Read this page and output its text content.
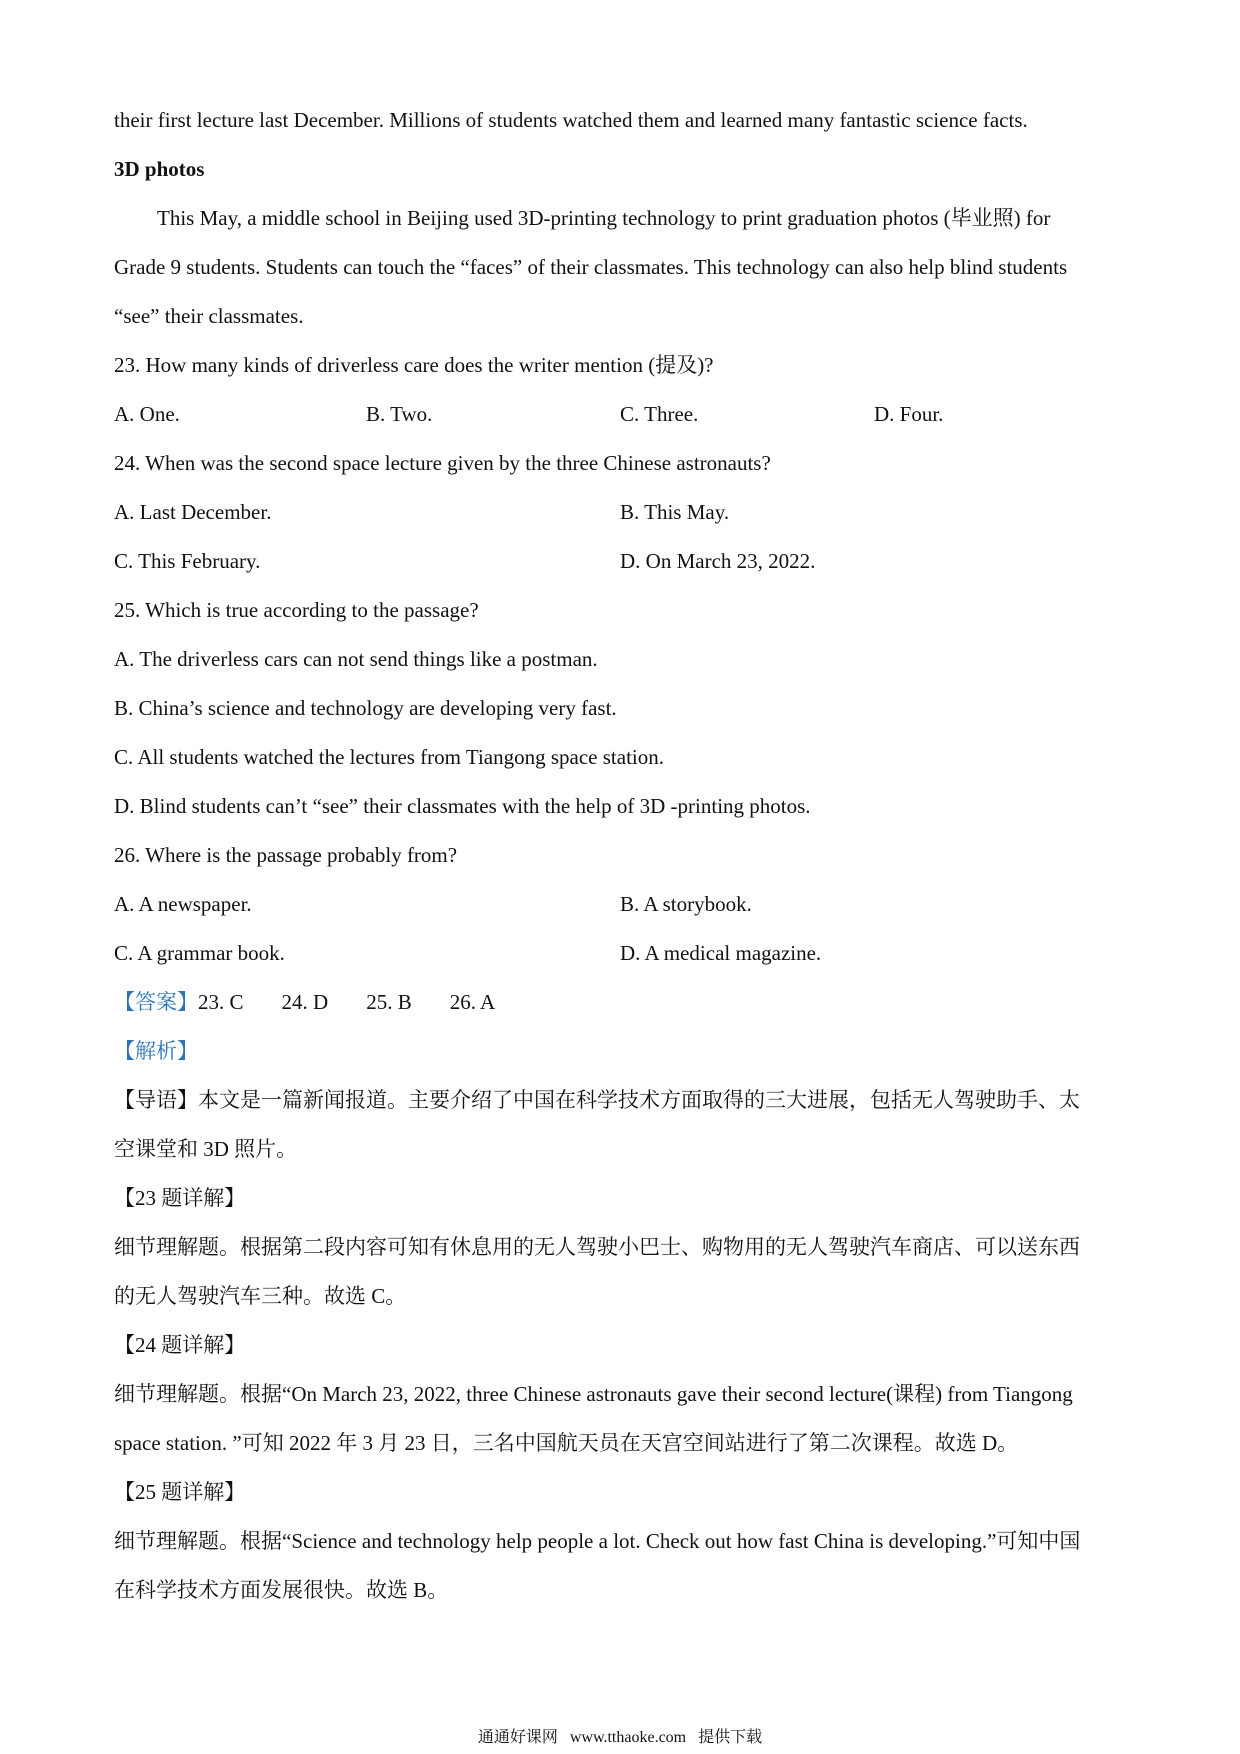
their first lecture last December. Millions of students watched them and learned many fantastic science facts.
3D photos
This May, a middle school in Beijing used 3D-printing technology to print graduation photos (毕业照) for
Grade 9 students. Students can touch the “faces” of their classmates. This technology can also help blind students
“see” their classmates.
23. How many kinds of driverless care does the writer mention (提及)?
A. One.	B. Two.	C. Three.	D. Four.
24. When was the second space lecture given by the three Chinese astronauts?
A. Last December.	B. This May.
C. This February.	D. On March 23, 2022.
25. Which is true according to the passage?
A. The driverless cars can not send things like a postman.
B. China’s science and technology are developing very fast.
C. All students watched the lectures from Tiangong space station.
D. Blind students can’t “see” their classmates with the help of 3D -printing photos.
26. Where is the passage probably from?
A. A newspaper.	B. A storybook.
C. A grammar book.	D. A medical magazine.
【答案】23. C 24. D 25. B 26. A
【解析】
【导语】本文是一篇新闻报道。主要介绍了中国在科学技术方面取得的三大进展，包括无人驾驶助手、太
空课堂和 3D 照片。
【23 题详解】
细节理解题。根据第二段内容可知有休息用的无人驾驶小巴士、购物用的无人驾驶汽车商店、可以送东西
的无人驾驶汽车三种。故选 C。
【24 题详解】
细节理解题。根据“On March 23, 2022, three Chinese astronauts gave their second lecture(课程) from Tiangong
space station. ”可知 2022 年 3 月 23 日，三名中国航天员在天宫空间站进行了第二次课程。故选 D。
【25 题详解】
细节理解题。根据“Science and technology help people a lot. Check out how fast China is developing.”可知中国
在科学技术方面发展很快。故选 B。
通通好课网 www.tthaoke.com 提供下载
